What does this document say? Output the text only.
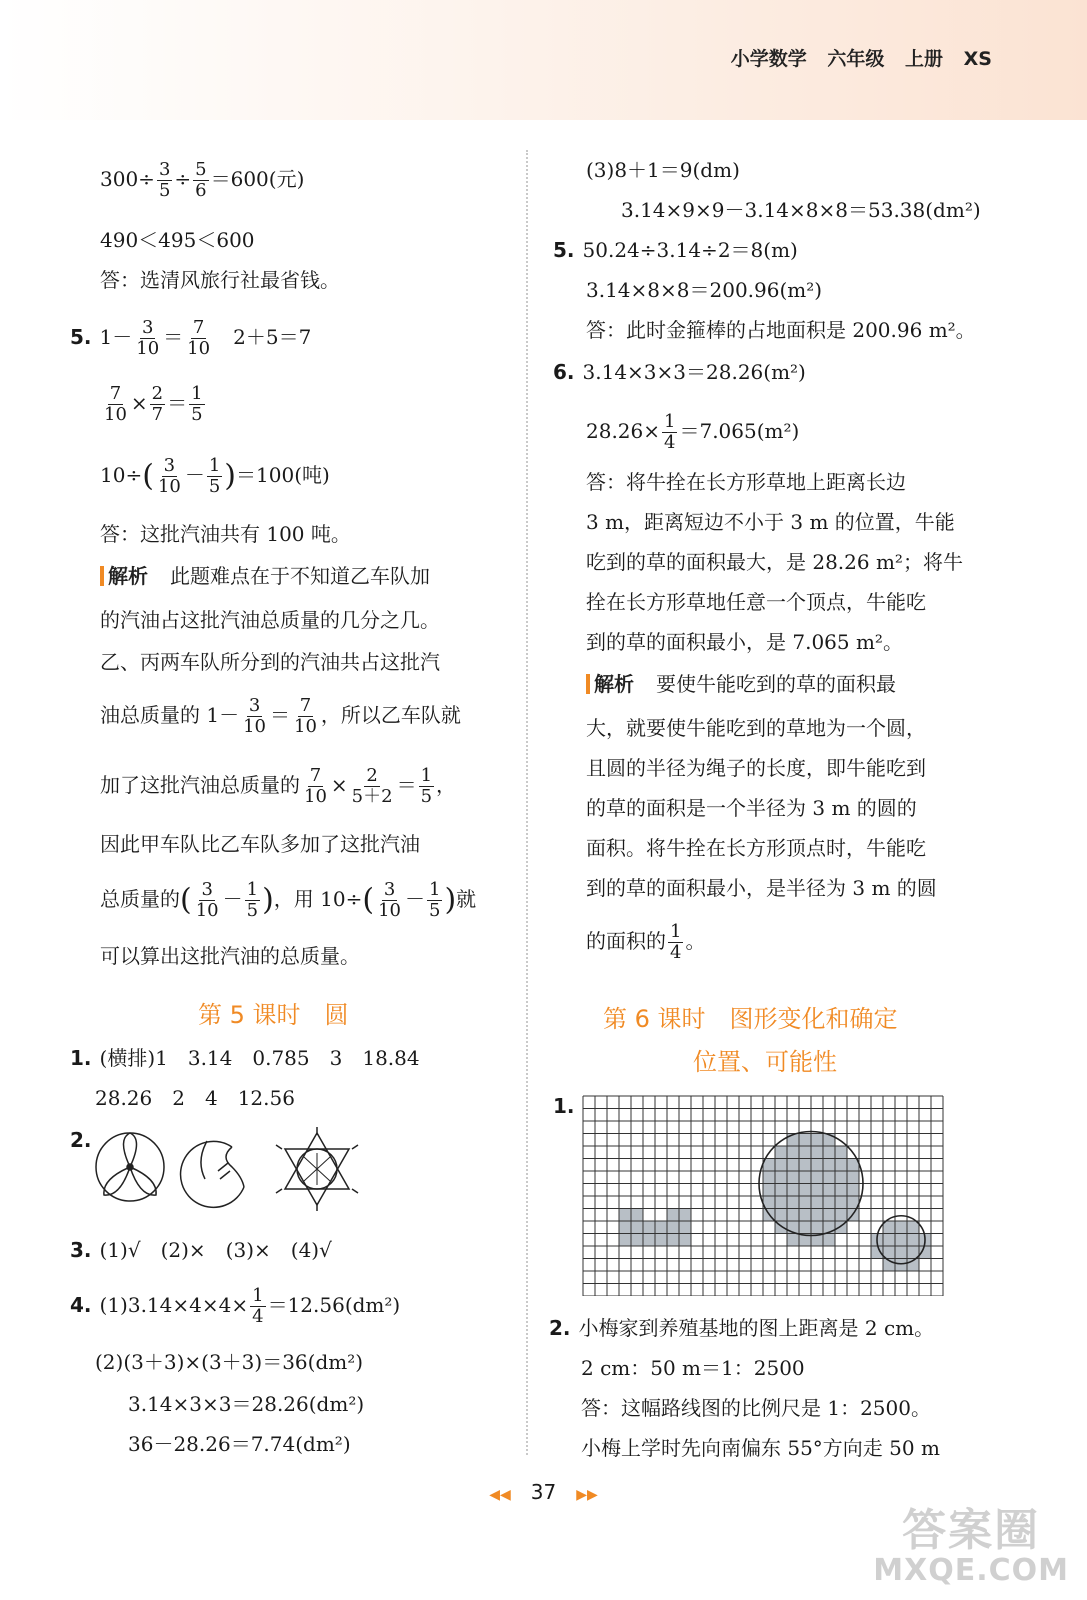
小学数学 六年级 上册 XS
$300\div \frac{3}{5} \div \frac{5}{6} =600$(元)
490＜495＜600
答：选清风旅行社最省钱。
5. $1- \frac{3}{10} = \frac{7}{10} 2+5=7$
$\frac{7}{10} \times \frac{2}{7} = \frac{1}{5}$
$10\div( \frac{3}{10} - \frac{1}{5} )=100$(吨)
答：这批汽油共有 100 吨。
解析 此题难点在于不知道乙车队加
的汽油占这批汽油总质量的几分之几。
乙、丙两车队所分到的汽油共占这批汽
油总质量的 $1- \frac{3}{10} = \frac{7}{10}$ ，所以乙车队就
加了这批汽油总质量的 $\frac{7}{10} \times \frac{2}{5+2} = \frac{1}{5}$ ，
因此甲车队比乙车队多加了这批汽油
总质量的( $\frac{3}{10} - \frac{1}{5}$ )，用 $10\div( \frac{3}{10} - \frac{1}{5}$ )就
可以算出这批汽油的总质量。
第 5 课时　圆
1. (横排)1　3.14　0.785　3　18.84
28.26　2　4　12.56
2.
3. (1)√　(2)×　(3)×　(4)√
4. $(1)3.14\times 4\times 4\times \frac{1}{4} =12.56(dm^2)$
(2)(3＋3)×(3＋3)＝36(dm²)
3.14×3×3＝28.26(dm²)
36－28.26＝7.74(dm²)
(3)8＋1＝9(dm)
3.14×9×9－3.14×8×8＝53.38(dm²)
5. 50.24÷3.14÷2＝8(m)
3.14×8×8＝200.96(m²)
答：此时金箍棒的占地面积是 200.96 m²。
6. 3.14×3×3＝28.26(m²)
$28.26\times \frac{1}{4} =7.065(m^2)$
答：将牛拴在长方形草地上距离长边
3 m，距离短边不小于 3 m 的位置，牛能
吃到的草的面积最大，是 28.26 m²；将牛
拴在长方形草地任意一个顶点，牛能吃
到的草的面积最小，是 7.065 m²。
解析 要使牛能吃到的草的面积最
大，就要使牛能吃到的草地为一个圆，
且圆的半径为绳子的长度，即牛能吃到
的草的面积是一个半径为 3 m 的圆的
面积。将牛拴在长方形顶点时，牛能吃
到的草的面积最小，是半径为 3 m 的圆
的面积的 $\frac{1}{4}$ 。
第 6 课时　图形变化和确定
位置、可能性
1.
2. 小梅家到养殖基地的图上距离是 2 cm。
2 cm：50 m＝1：2500
答：这幅路线图的比例尺是 1：2500。
小梅上学时先向南偏东 55°方向走 50 m
◀◀ 37 ▶▶
答案圈
MXQE.COM
